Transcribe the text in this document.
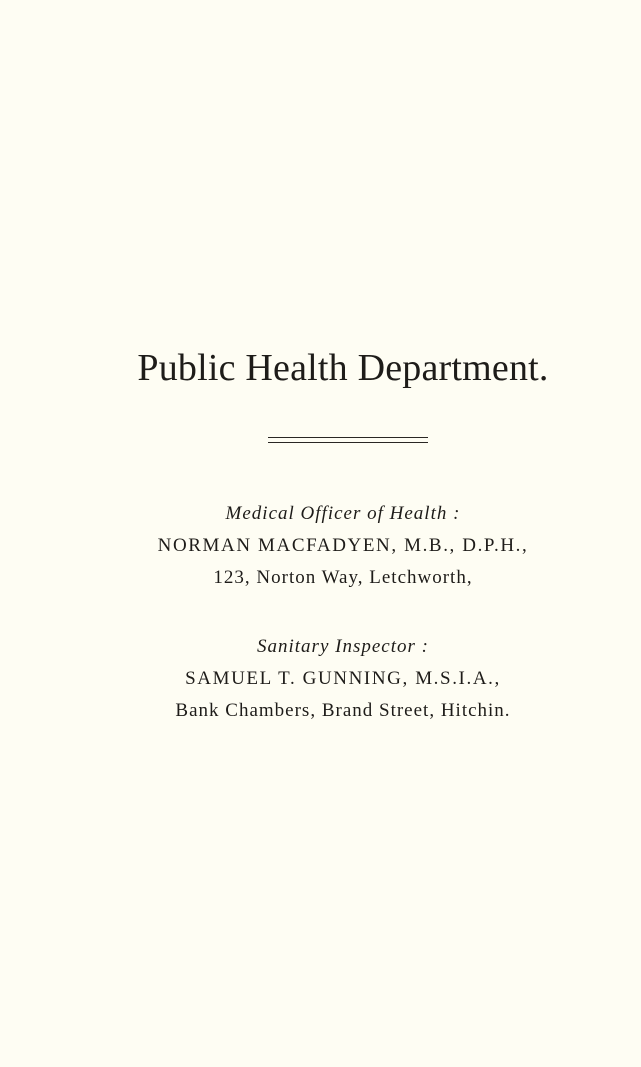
Public Health Department.
Medical Officer of Health :
NORMAN MACFADYEN, M.B., D.P.H.,
123, Norton Way, Letchworth,
Sanitary Inspector :
SAMUEL T. GUNNING, M.S.I.A.,
Bank Chambers, Brand Street, Hitchin.
